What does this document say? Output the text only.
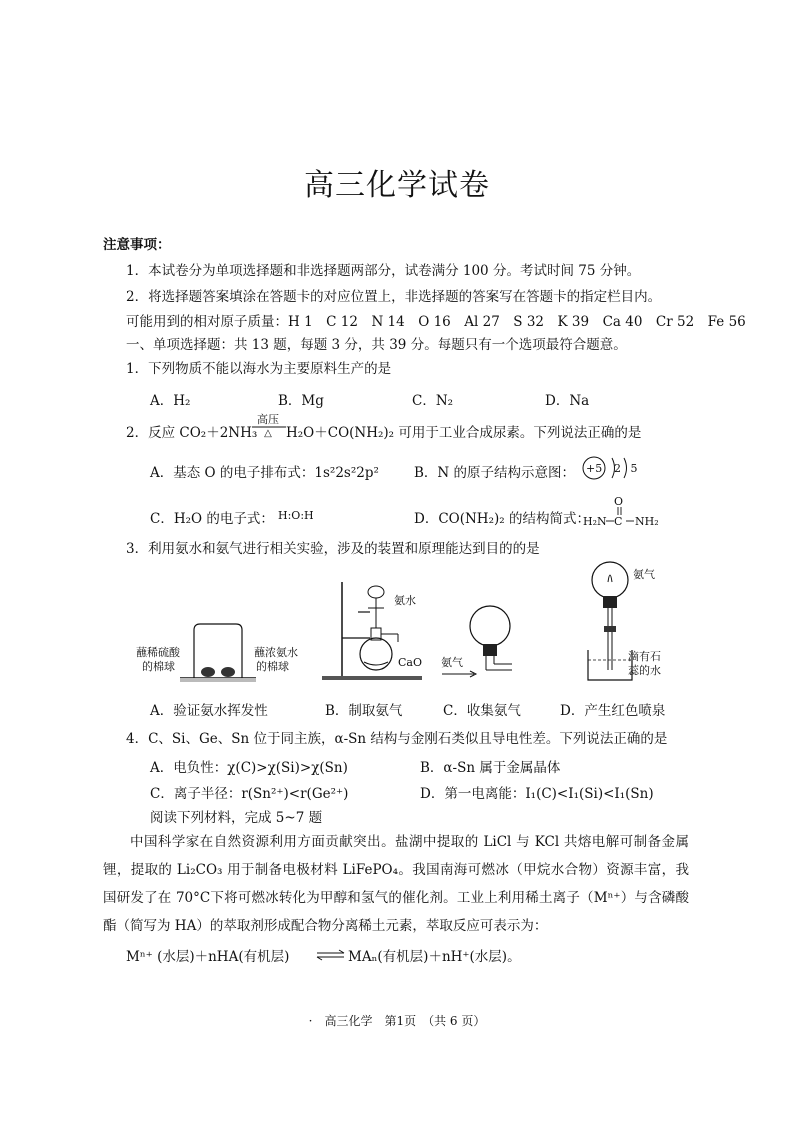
高三化学试卷
注意事项：
1．本试卷分为单项选择题和非选择题两部分，试卷满分 100 分。考试时间 75 分钟。
2．将选择题答案填涂在答题卡的对应位置上，非选择题的答案写在答题卡的指定栏目内。
可能用到的相对原子质量：H 1　C 12　N 14　O 16　Al 27　S 32　K 39　Ca 40　Cr 52　Fe 56
一、单项选择题：共 13 题，每题 3 分，共 39 分。每题只有一个选项最符合题意。
1．下列物质不能以海水为主要原料生产的是
A．H₂	B．Mg	C．N₂	D．Na
2．反应 CO₂＋2NH₃
高压
△	H₂O＋CO(NH₂)₂ 可用于工业合成尿素。下列说法正确的是
A．基态 O 的电子排布式：1s²2s²2p²	B．N 的原子结构示意图： +5 2 5
C．H₂O 的电子式： H:O:H	D．CO(NH₂)₂ 的结构简式：
O
H₂N C NH₂
3．利用氨水和氨气进行相关实验，涉及的装置和原理能达到目的的是
蘸稀硫酸
的棉球
蘸浓氨水
的棉球
氨水
CaO 氨气
氨气
滴有石
蕊的水
A．验证氨水挥发性	B．制取氨气	C．收集氨气	D．产生红色喷泉
4．C、Si、Ge、Sn 位于同主族，α-Sn 结构与金刚石类似且导电性差。下列说法正确的是
A．电负性：χ(C)>χ(Si)>χ(Sn)	B．α-Sn 属于金属晶体
C．离子半径：r(Sn²⁺)<r(Ge²⁺)	D．第一电离能：I₁(C)<I₁(Si)<I₁(Sn)
阅读下列材料，完成 5~7 题
中国科学家在自然资源利用方面贡献突出。盐湖中提取的 LiCl 与 KCl 共熔电解可制备金属锂，提取的 Li₂CO₃ 用于制备电极材料 LiFePO₄。我国南海可燃冰（甲烷水合物）资源丰富，我国研发了在 70°C下将可燃冰转化为甲醇和氢气的催化剂。工业上利用稀土离子（Mⁿ⁺）与含磷酸酯（简写为 HA）的萃取剂形成配合物分离稀土元素，萃取反应可表示为：
Mⁿ⁺ (水层)＋nHA(有机层) ⇌ MAₙ(有机层)＋nH⁺(水层)。
·　高三化学　第1页　（共 6 页）
